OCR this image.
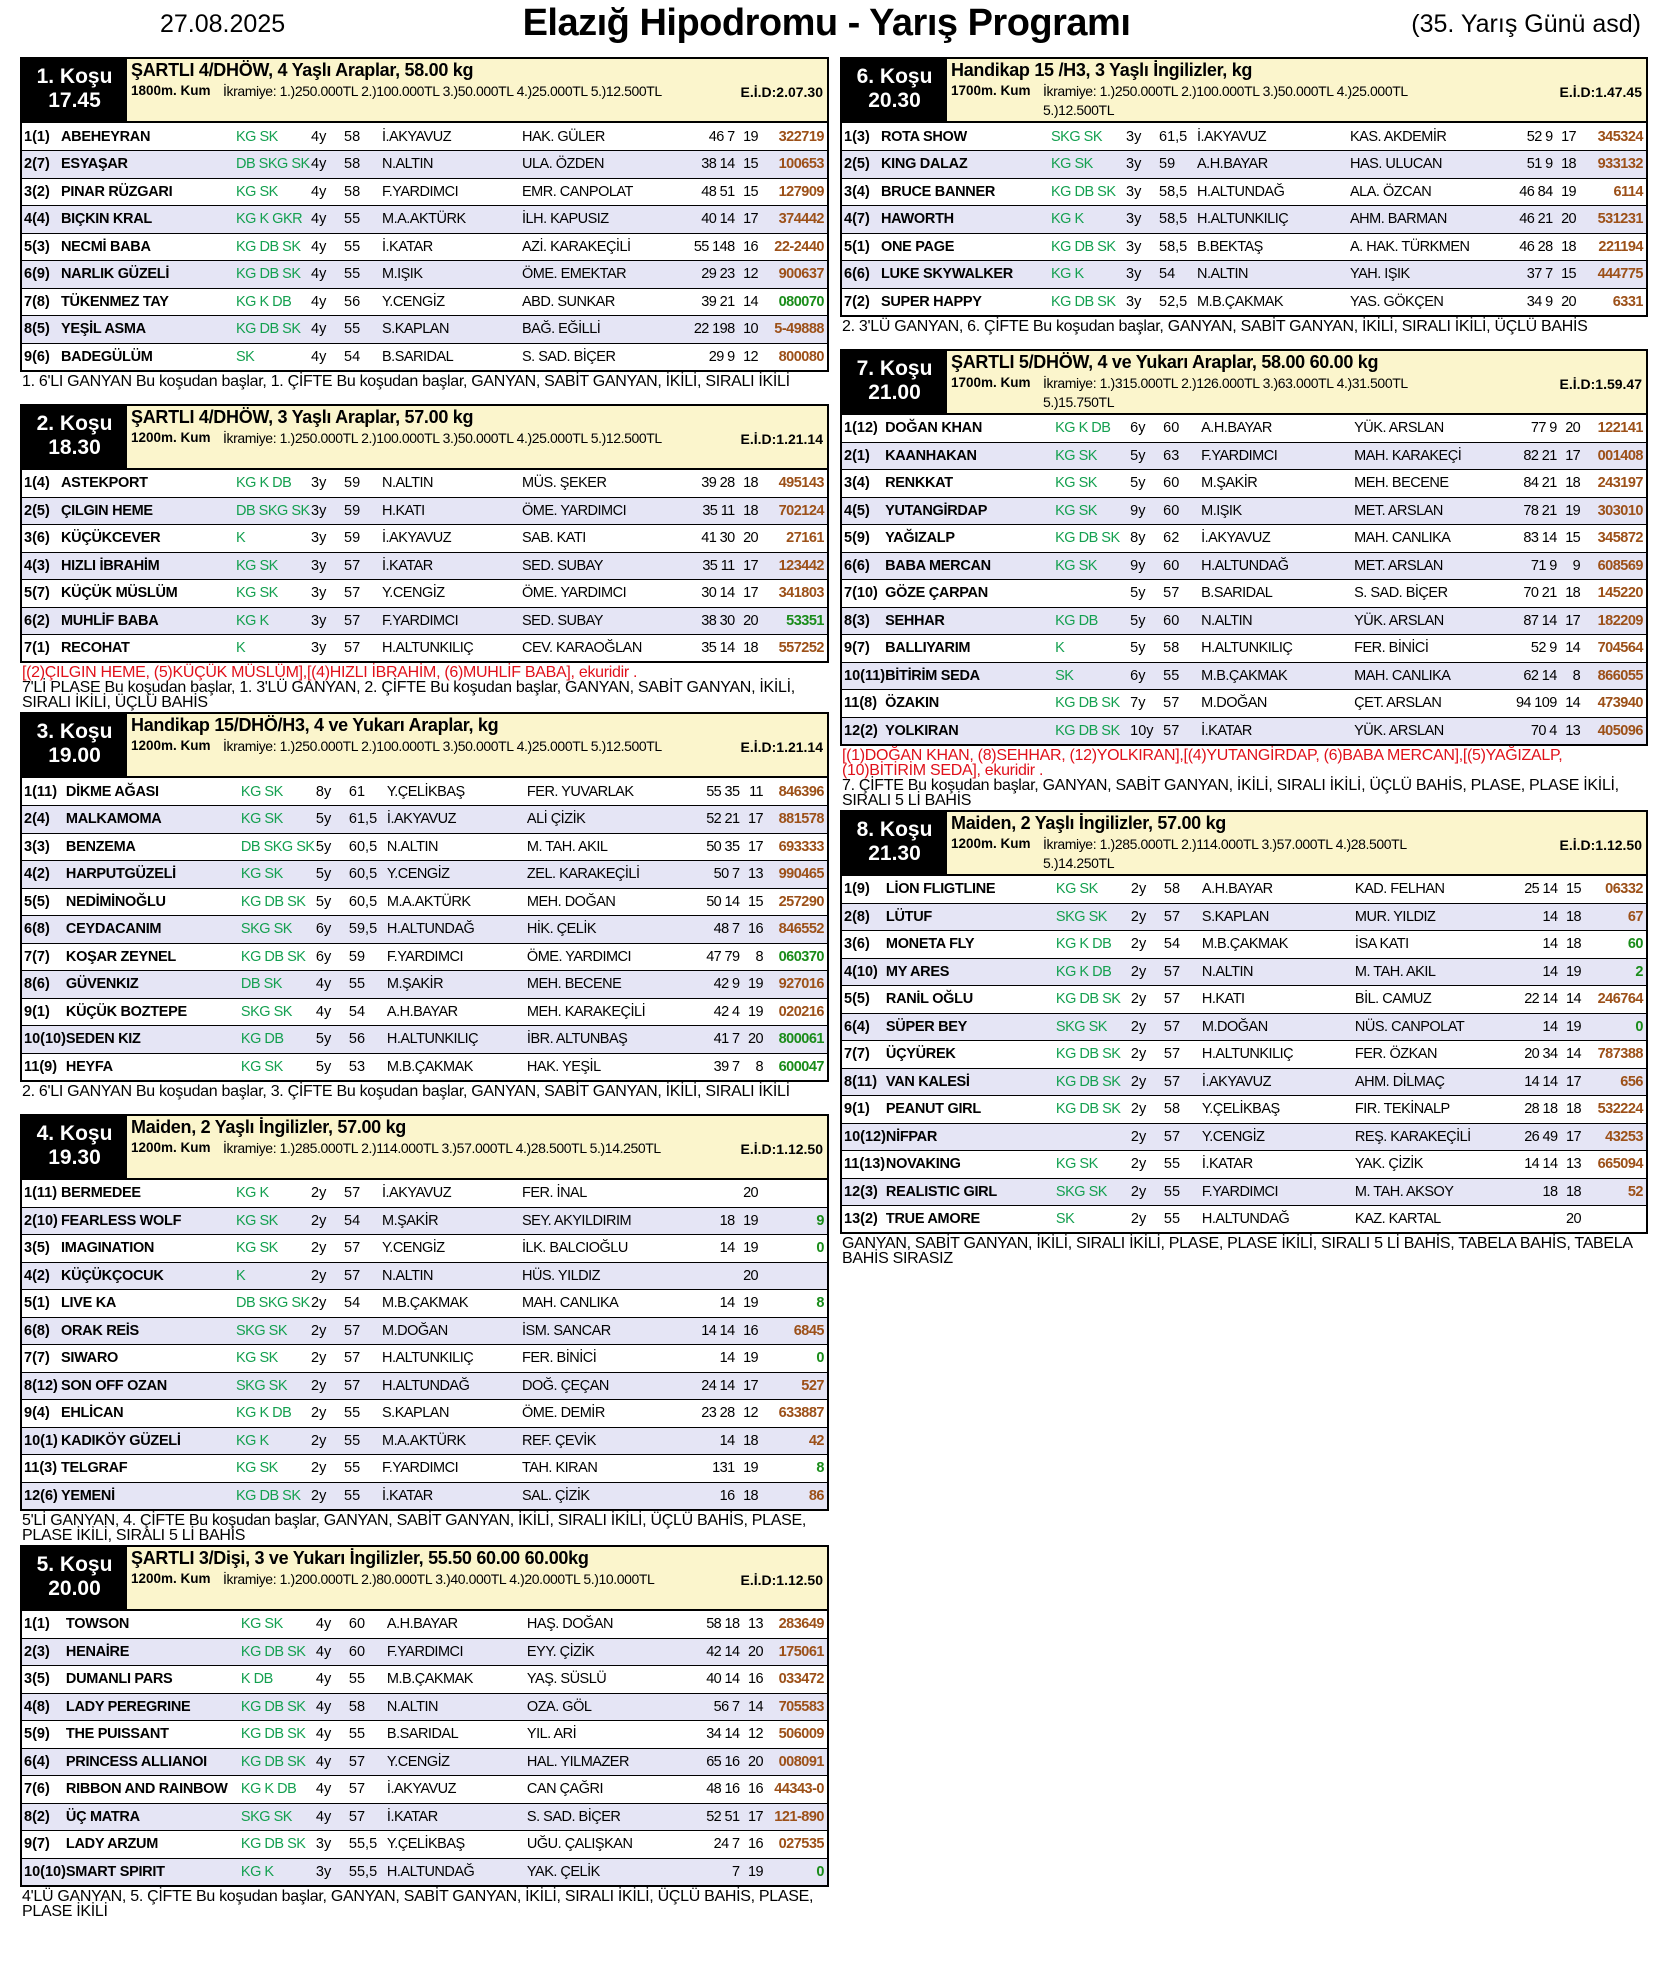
27.08.2025	Elazığ Hipodromu - Yarış Programı	(35. Yarış Günü asd)
1. Koşu
17.45
ŞARTLI 4/DHÖW, 4 Yaşlı Araplar, 58.00 kg
1800m. Kum İkramiye: 1.)250.000TL 2.)100.000TL 3.)50.000TL 4.)25.000TL 5.)12.500TL	E.İ.D:2.07.30
1(1)	ABEHEYRAN	KG SK	4y	58	İ.AKYAVUZ	HAK. GÜLER	46 7 19	322719
2(7)	ESYAŞAR	DB SKG SK	4y	58	N.ALTIN	ULA. ÖZDEN	38 14 15	100653
3(2)	PINAR RÜZGARI	KG SK	4y	58	F.YARDIMCI	EMR. CANPOLAT	48 51 15	127909
4(4)	BIÇKIN KRAL	KG K GKR	4y	55	M.A.AKTÜRK	İLH. KAPUSIZ	40 14 17	374442
5(3)	NECMİ BABA	KG DB SK	4y	55	İ.KATAR	AZİ. KARAKEÇİLİ	55 148 16	22-2440
6(9)	NARLIK GÜZELİ	KG DB SK	4y	55	M.IŞIK	ÖME. EMEKTAR	29 23 12	900637
7(8)	TÜKENMEZ TAY	KG K DB	4y	56	Y.CENGİZ	ABD. SUNKAR	39 21 14	080070
8(5)	YEŞİL ASMA	KG DB SK	4y	55	S.KAPLAN	BAĞ. EĞİLLİ	22 198 10	5-49888
9(6)	BADEGÜLÜM	SK	4y	54	B.SARIDAL	S. SAD. BİÇER	29 9 12	800080
1. 6'LI GANYAN Bu koşudan başlar, 1. ÇİFTE Bu koşudan başlar, GANYAN, SABİT GANYAN, İKİLİ, SIRALI İKİLİ
2. Koşu
18.30
ŞARTLI 4/DHÖW, 3 Yaşlı Araplar, 57.00 kg
1200m. Kum İkramiye: 1.)250.000TL 2.)100.000TL 3.)50.000TL 4.)25.000TL 5.)12.500TL	E.İ.D:1.21.14
1(4)	ASTEKPORT	KG K DB	3y	59	N.ALTIN	MÜS. ŞEKER	39 28 18	495143
2(5)	ÇILGIN HEME	DB SKG SK	3y	59	H.KATI	ÖME. YARDIMCI	35 11 18	702124
3(6)	KÜÇÜKCEVER	K	3y	59	İ.AKYAVUZ	SAB. KATI	41 30 20	27161
4(3)	HIZLI İBRAHİM	KG SK	3y	57	İ.KATAR	SED. SUBAY	35 11 17	123442
5(7)	KÜÇÜK MÜSLÜM	KG SK	3y	57	Y.CENGİZ	ÖME. YARDIMCI	30 14 17	341803
6(2)	MUHLİF BABA	KG K	3y	57	F.YARDIMCI	SED. SUBAY	38 30 20	53351
7(1)	RECOHAT	K	3y	57	H.ALTUNKILIÇ	CEV. KARAOĞLAN	35 14 18	557252
[(2)ÇILGIN HEME, (5)KÜÇÜK MÜSLÜM],[(4)HIZLI İBRAHİM, (6)MUHLİF BABA], ekuridir .
7'Lİ PLASE Bu koşudan başlar, 1. 3'LÜ GANYAN, 2. ÇİFTE Bu koşudan başlar, GANYAN, SABİT GANYAN, İKİLİ, SIRALI İKİLİ, ÜÇLÜ BAHİS
3. Koşu
19.00
Handikap 15/DHÖ/H3, 4 ve Yukarı Araplar, kg
1200m. Kum İkramiye: 1.)250.000TL 2.)100.000TL 3.)50.000TL 4.)25.000TL 5.)12.500TL	E.İ.D:1.21.14
1(11)	DİKME AĞASI	KG SK	8y	61	Y.ÇELİKBAŞ	FER. YUVARLAK	55 35 11	846396
2(4)	MALKAMOMA	KG SK	5y	61,5	İ.AKYAVUZ	ALİ ÇİZİK	52 21 17	881578
3(3)	BENZEMA	DB SKG SK	5y	60,5	N.ALTIN	M. TAH. AKIL	50 35 17	693333
4(2)	HARPUTGÜZELİ	KG SK	5y	60,5	Y.CENGİZ	ZEL. KARAKEÇİLİ	50 7 13	990465
5(5)	NEDİMİNOĞLU	KG DB SK	5y	60,5	M.A.AKTÜRK	MEH. DOĞAN	50 14 15	257290
6(8)	CEYDACANIM	SKG SK	6y	59,5	H.ALTUNDAĞ	HİK. ÇELİK	48 7 16	846552
7(7)	KOŞAR ZEYNEL	KG DB SK	6y	59	F.YARDIMCI	ÖME. YARDIMCI	47 79 8	060370
8(6)	GÜVENKIZ	DB SK	4y	55	M.ŞAKİR	MEH. BECENE	42 9 19	927016
9(1)	KÜÇÜK BOZTEPE	SKG SK	4y	54	A.H.BAYAR	MEH. KARAKEÇİLİ	42 4 19	020216
10(10)	SEDEN KIZ	KG DB	5y	56	H.ALTUNKILIÇ	İBR. ALTUNBAŞ	41 7 20	800061
11(9)	HEYFA	KG SK	5y	53	M.B.ÇAKMAK	HAK. YEŞİL	39 7 8	600047
2. 6'LI GANYAN Bu koşudan başlar, 3. ÇİFTE Bu koşudan başlar, GANYAN, SABİT GANYAN, İKİLİ, SIRALI İKİLİ
4. Koşu
19.30
Maiden, 2 Yaşlı İngilizler, 57.00 kg
1200m. Kum İkramiye: 1.)285.000TL 2.)114.000TL 3.)57.000TL 4.)28.500TL 5.)14.250TL	E.İ.D:1.12.50
1(11)	BERMEDEE	KG K	2y	57	İ.AKYAVUZ	FER. İNAL	20	
2(10)	FEARLESS WOLF	KG SK	2y	54	M.ŞAKİR	SEY. AKYILDIRIM	18 19	9
3(5)	IMAGINATION	KG SK	2y	57	Y.CENGİZ	İLK. BALCIOĞLU	14 19	0
4(2)	KÜÇÜKÇOCUK	K	2y	57	N.ALTIN	HÜS. YILDIZ	20	
5(1)	LIVE KA	DB SKG SK	2y	54	M.B.ÇAKMAK	MAH. CANLIKA	14 19	8
6(8)	ORAK REİS	SKG SK	2y	57	M.DOĞAN	İSM. SANCAR	14 14 16	6845
7(7)	SIWARO	KG SK	2y	57	H.ALTUNKILIÇ	FER. BİNİCİ	14 19	0
8(12)	SON OFF OZAN	SKG SK	2y	57	H.ALTUNDAĞ	DOĞ. ÇEÇAN	24 14 17	527
9(4)	EHLİCAN	KG K DB	2y	55	S.KAPLAN	ÖME. DEMİR	23 28 12	633887
10(1)	KADIKÖY GÜZELİ	KG K	2y	55	M.A.AKTÜRK	REF. ÇEVİK	14 18	42
11(3)	TELGRAF	KG SK	2y	55	F.YARDIMCI	TAH. KIRAN	131 19	8
12(6)	YEMENİ	KG DB SK	2y	55	İ.KATAR	SAL. ÇİZİK	16 18	86
5'Lİ GANYAN, 4. ÇİFTE Bu koşudan başlar, GANYAN, SABİT GANYAN, İKİLİ, SIRALI İKİLİ, ÜÇLÜ BAHİS, PLASE, PLASE İKİLİ, SIRALI 5 Lİ BAHİS
5. Koşu
20.00
ŞARTLI 3/Dişi, 3 ve Yukarı İngilizler, 55.50 60.00 60.00kg
1200m. Kum İkramiye: 1.)200.000TL 2.)80.000TL 3.)40.000TL 4.)20.000TL 5.)10.000TL	E.İ.D:1.12.50
1(1)	TOWSON	KG SK	4y	60	A.H.BAYAR	HAŞ. DOĞAN	58 18 13	283649
2(3)	HENAİRE	KG DB SK	4y	60	F.YARDIMCI	EYY. ÇİZİK	42 14 20	175061
3(5)	DUMANLI PARS	K DB	4y	55	M.B.ÇAKMAK	YAŞ. SÜSLÜ	40 14 16	033472
4(8)	LADY PEREGRINE	KG DB SK	4y	58	N.ALTIN	OZA. GÖL	56 7 14	705583
5(9)	THE PUISSANT	KG DB SK	4y	55	B.SARIDAL	YIL. ARİ	34 14 12	506009
6(4)	PRINCESS ALLIANOI	KG DB SK	4y	57	Y.CENGİZ	HAL. YILMAZER	65 16 20	008091
7(6)	RIBBON AND RAINBOW	KG K DB	4y	57	İ.AKYAVUZ	CAN ÇAĞRI	48 16 16	44343-0
8(2)	ÜÇ MATRA	SKG SK	4y	57	İ.KATAR	S. SAD. BİÇER	52 51 17	121-890
9(7)	LADY ARZUM	KG DB SK	3y	55,5	Y.ÇELİKBAŞ	UĞU. ÇALIŞKAN	24 7 16	027535
10(10)	SMART SPIRIT	KG K	3y	55,5	H.ALTUNDAĞ	YAK. ÇELİK	7 19	0
4'LÜ GANYAN, 5. ÇİFTE Bu koşudan başlar, GANYAN, SABİT GANYAN, İKİLİ, SIRALI İKİLİ, ÜÇLÜ BAHİS, PLASE, PLASE İKİLİ
6. Koşu
20.30
Handikap 15 /H3, 3 Yaşlı İngilizler, kg
1700m. Kum İkramiye: 1.)250.000TL 2.)100.000TL 3.)50.000TL 4.)25.000TL 5.)12.500TL
E.İ.D:1.47.45
1(3)	ROTA SHOW	SKG SK	3y	61,5	İ.AKYAVUZ	KAS. AKDEMİR	52 9 17	345324
2(5)	KING DALAZ	KG SK	3y	59	A.H.BAYAR	HAS. ULUCAN	51 9 18	933132
3(4)	BRUCE BANNER	KG DB SK	3y	58,5	H.ALTUNDAĞ	ALA. ÖZCAN	46 84 19	6114
4(7)	HAWORTH	KG K	3y	58,5	H.ALTUNKILIÇ	AHM. BARMAN	46 21 20	531231
5(1)	ONE PAGE	KG DB SK	3y	58,5	B.BEKTAŞ	A. HAK. TÜRKMEN	46 28 18	221194
6(6)	LUKE SKYWALKER	KG K	3y	54	N.ALTIN	YAH. IŞIK	37 7 15	444775
7(2)	SUPER HAPPY	KG DB SK	3y	52,5	M.B.ÇAKMAK	YAS. GÖKÇEN	34 9 20	6331
2. 3'LÜ GANYAN, 6. ÇİFTE Bu koşudan başlar, GANYAN, SABİT GANYAN, İKİLİ, SIRALI İKİLİ, ÜÇLÜ BAHİS
7. Koşu
21.00
ŞARTLI 5/DHÖW, 4 ve Yukarı Araplar, 58.00 60.00 kg
1700m. Kum İkramiye: 1.)315.000TL 2.)126.000TL 3.)63.000TL 4.)31.500TL 5.)15.750TL
E.İ.D:1.59.47
1(12)	DOĞAN KHAN	KG K DB	6y	60	A.H.BAYAR	YÜK. ARSLAN	77 9 20	122141
2(1)	KAANHAKAN	KG SK	5y	63	F.YARDIMCI	MAH. KARAKEÇİ	82 21 17	001408
3(4)	RENKKAT	KG SK	5y	60	M.ŞAKİR	MEH. BECENE	84 21 18	243197
4(5)	YUTANGİRDAP	KG SK	9y	60	M.IŞIK	MET. ARSLAN	78 21 19	303010
5(9)	YAĞIZALP	KG DB SK	8y	62	İ.AKYAVUZ	MAH. CANLIKA	83 14 15	345872
6(6)	BABA MERCAN	KG SK	9y	60	H.ALTUNDAĞ	MET. ARSLAN	71 9 9	608569
7(10)	GÖZE ÇARPAN		5y	57	B.SARIDAL	S. SAD. BİÇER	70 21 18	145220
8(3)	SEHHAR	KG DB	5y	60	N.ALTIN	YÜK. ARSLAN	87 14 17	182209
9(7)	BALLIYARIM	K	5y	58	H.ALTUNKILIÇ	FER. BİNİCİ	52 9 14	704564
10(11)	BİTİRİM SEDA	SK	6y	55	M.B.ÇAKMAK	MAH. CANLIKA	62 14 8	866055
11(8)	ÖZAKIN	KG DB SK	7y	57	M.DOĞAN	ÇET. ARSLAN	94 109 14	473940
12(2)	YOLKIRAN	KG DB SK	10y	57	İ.KATAR	YÜK. ARSLAN	70 4 13	405096
[(1)DOĞAN KHAN, (8)SEHHAR, (12)YOLKIRAN],[(4)YUTANGİRDAP, (6)BABA MERCAN],[(5)YAĞIZALP, (10)BİTİRİM SEDA], ekuridir .
7. ÇİFTE Bu koşudan başlar, GANYAN, SABİT GANYAN, İKİLİ, SIRALI İKİLİ, ÜÇLÜ BAHİS, PLASE, PLASE İKİLİ, SIRALI 5 Lİ BAHİS
8. Koşu
21.30
Maiden, 2 Yaşlı İngilizler, 57.00 kg
1200m. Kum İkramiye: 1.)285.000TL 2.)114.000TL 3.)57.000TL 4.)28.500TL 5.)14.250TL
E.İ.D:1.12.50
1(9)	LİON FLIGTLINE	KG SK	2y	58	A.H.BAYAR	KAD. FELHAN	25 14 15	06332
2(8)	LÜTUF	SKG SK	2y	57	S.KAPLAN	MUR. YILDIZ	14 18	67
3(6)	MONETA FLY	KG K DB	2y	54	M.B.ÇAKMAK	İSA KATI	14 18	60
4(10)	MY ARES	KG K DB	2y	57	N.ALTIN	M. TAH. AKIL	14 19	2
5(5)	RANİL OĞLU	KG DB SK	2y	57	H.KATI	BİL. CAMUZ	22 14 14	246764
6(4)	SÜPER BEY	SKG SK	2y	57	M.DOĞAN	NÜS. CANPOLAT	14 19	0
7(7)	ÜÇYÜREK	KG DB SK	2y	57	H.ALTUNKILIÇ	FER. ÖZKAN	20 34 14	787388
8(11)	VAN KALESİ	KG DB SK	2y	57	İ.AKYAVUZ	AHM. DİLMAÇ	14 14 17	656
9(1)	PEANUT GIRL	KG DB SK	2y	58	Y.ÇELİKBAŞ	FIR. TEKİNALP	28 18 18	532224
10(12)	NİFPAR		2y	57	Y.CENGİZ	REŞ. KARAKEÇİLİ	26 49 17	43253
11(13)	NOVAKING	KG SK	2y	55	İ.KATAR	YAK. ÇİZİK	14 14 13	665094
12(3)	REALISTIC GIRL	SKG SK	2y	55	F.YARDIMCI	M. TAH. AKSOY	18 18	52
13(2)	TRUE AMORE	SK	2y	55	H.ALTUNDAĞ	KAZ. KARTAL	20	
GANYAN, SABİT GANYAN, İKİLİ, SIRALI İKİLİ, PLASE, PLASE İKİLİ, SIRALI 5 Lİ BAHİS, TABELA BAHİS, TABELA BAHİS SIRASIZ
